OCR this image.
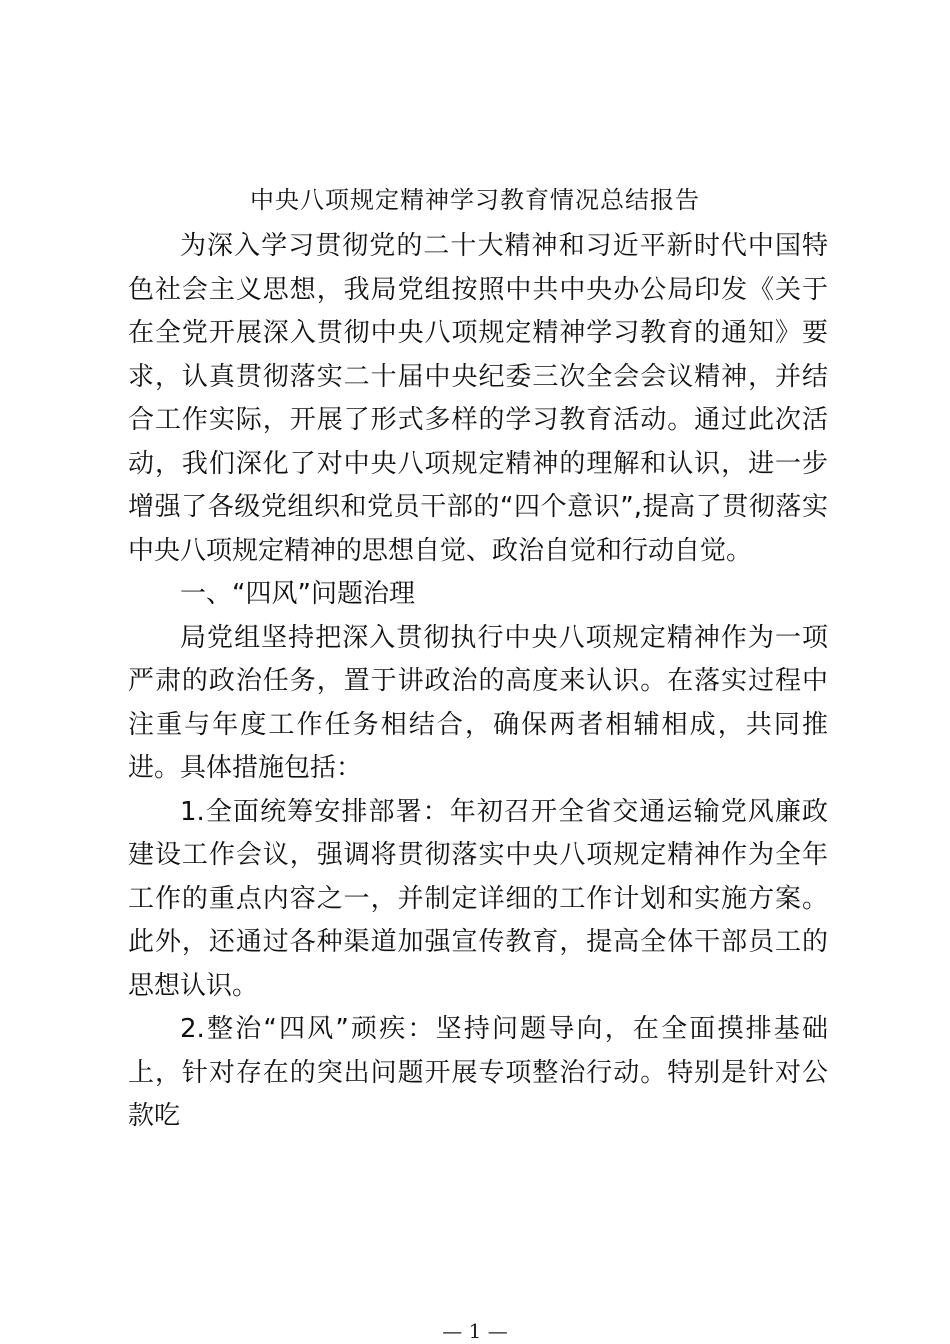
中央八项规定精神学习教育情况总结报告

为深入学习贯彻党的二十大精神和习近平新时代中国特色社会主义思想，我局党组按照中共中央办公局印发《关于在全党开展深入贯彻中央八项规定精神学习教育的通知》要求，认真贯彻落实二十届中央纪委三次全会会议精神，并结合工作实际，开展了形式多样的学习教育活动。通过此次活动，我们深化了对中央八项规定精神的理解和认识，进一步增强了各级党组织和党员干部的“四个意识”,提高了贯彻落实中央八项规定精神的思想自觉、政治自觉和行动自觉。

一、“四风”问题治理

局党组坚持把深入贯彻执行中央八项规定精神作为一项严肃的政治任务，置于讲政治的高度来认识。在落实过程中注重与年度工作任务相结合，确保两者相辅相成，共同推进。具体措施包括：

1.全面统筹安排部署：年初召开全省交通运输党风廉政建设工作会议，强调将贯彻落实中央八项规定精神作为全年工作的重点内容之一，并制定详细的工作计划和实施方案。此外，还通过各种渠道加强宣传教育，提高全体干部员工的思想认识。

2.整治“四风”顽疾：坚持问题导向，在全面摸排基础上，针对存在的突出问题开展专项整治行动。特别是针对公款吃

— 1 —
